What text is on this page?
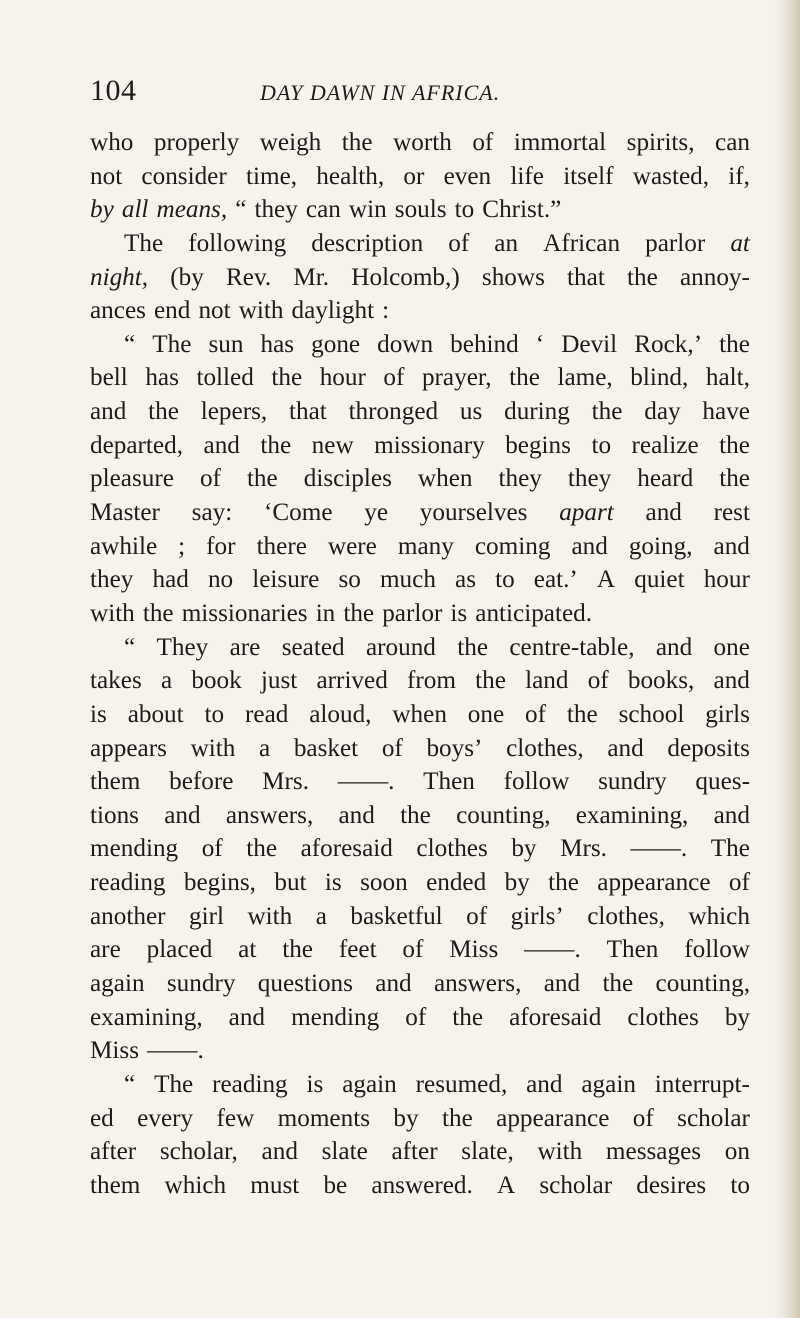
104	DAY DAWN IN AFRICA.
who properly weigh the worth of immortal spirits, can
not consider time, health, or even life itself wasted, if,
by all means, “ they can win souls to Christ.”
The following description of an African parlor at
night, (by Rev. Mr. Holcomb,) shows that the annoy-
ances end not with daylight :
“ The sun has gone down behind ‘ Devil Rock,’ the
bell has tolled the hour of prayer, the lame, blind, halt,
and the lepers, that thronged us during the day have
departed, and the new missionary begins to realize the
pleasure of the disciples when they they heard the
Master say: ‘Come ye yourselves apart and rest
awhile ; for there were many coming and going, and
they had no leisure so much as to eat.’ A quiet hour
with the missionaries in the parlor is anticipated.
“ They are seated around the centre-table, and one
takes a book just arrived from the land of books, and
is about to read aloud, when one of the school girls
appears with a basket of boys’ clothes, and deposits
them before Mrs. ——. Then follow sundry ques-
tions and answers, and the counting, examining, and
mending of the aforesaid clothes by Mrs. ——. The
reading begins, but is soon ended by the appearance of
another girl with a basketful of girls’ clothes, which
are placed at the feet of Miss ——. Then follow
again sundry questions and answers, and the counting,
examining, and mending of the aforesaid clothes by
Miss ——.
“ The reading is again resumed, and again interrupt-
ed every few moments by the appearance of scholar
after scholar, and slate after slate, with messages on
them which must be answered. A scholar desires to
